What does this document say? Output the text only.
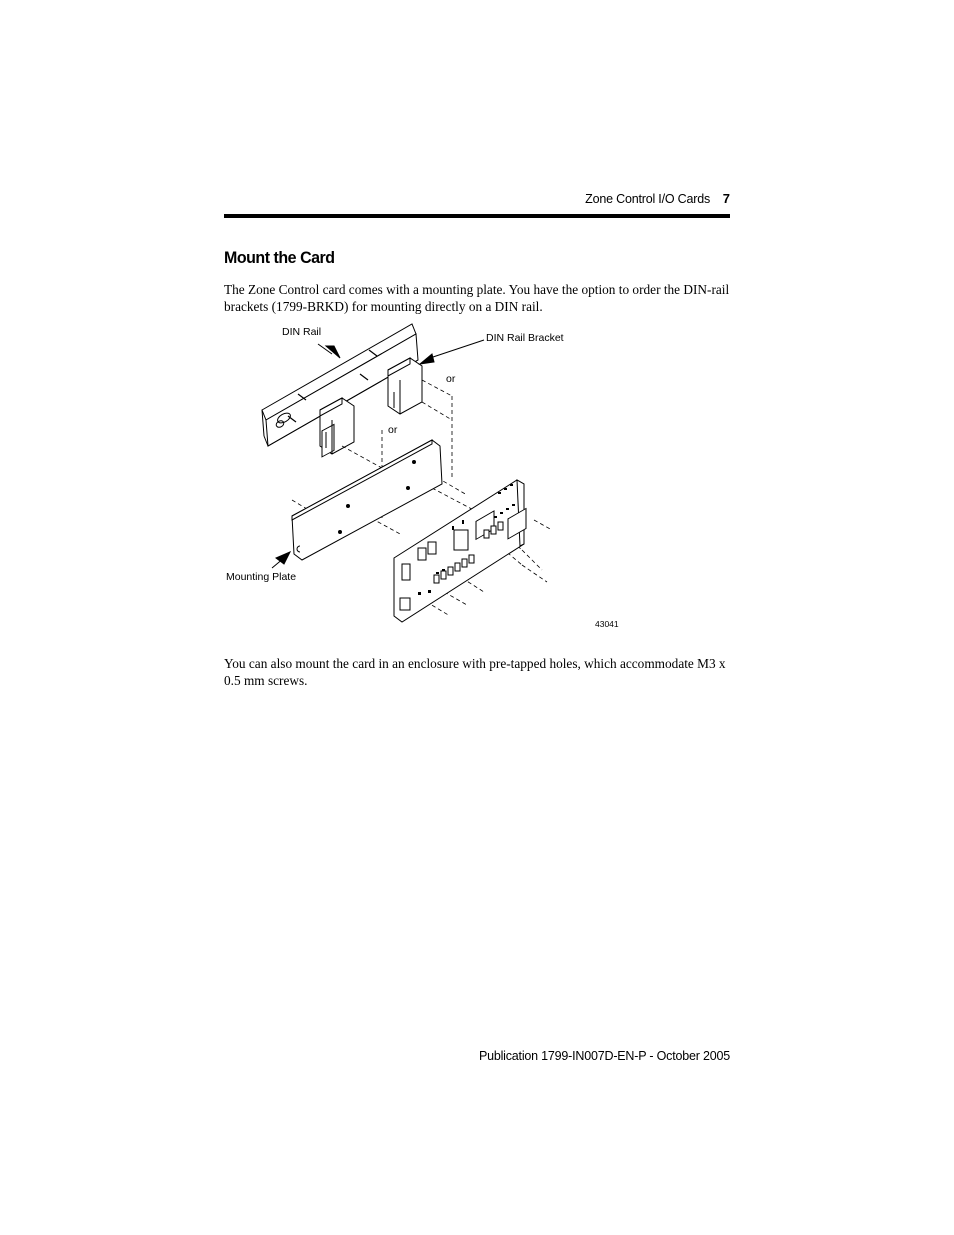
Zone Control I/O Cards 7
Mount the Card

The Zone Control card comes with a mounting plate. You have the option to order the DIN-rail brackets (1799-BRKD) for mounting directly on a DIN rail.

DIN Rail	DIN Rail Bracket
or
or
Mounting Plate
43041

You can also mount the card in an enclosure with pre-tapped holes, which accommodate M3 x 0.5 mm screws.

Publication 1799-IN007D-EN-P - October 2005
